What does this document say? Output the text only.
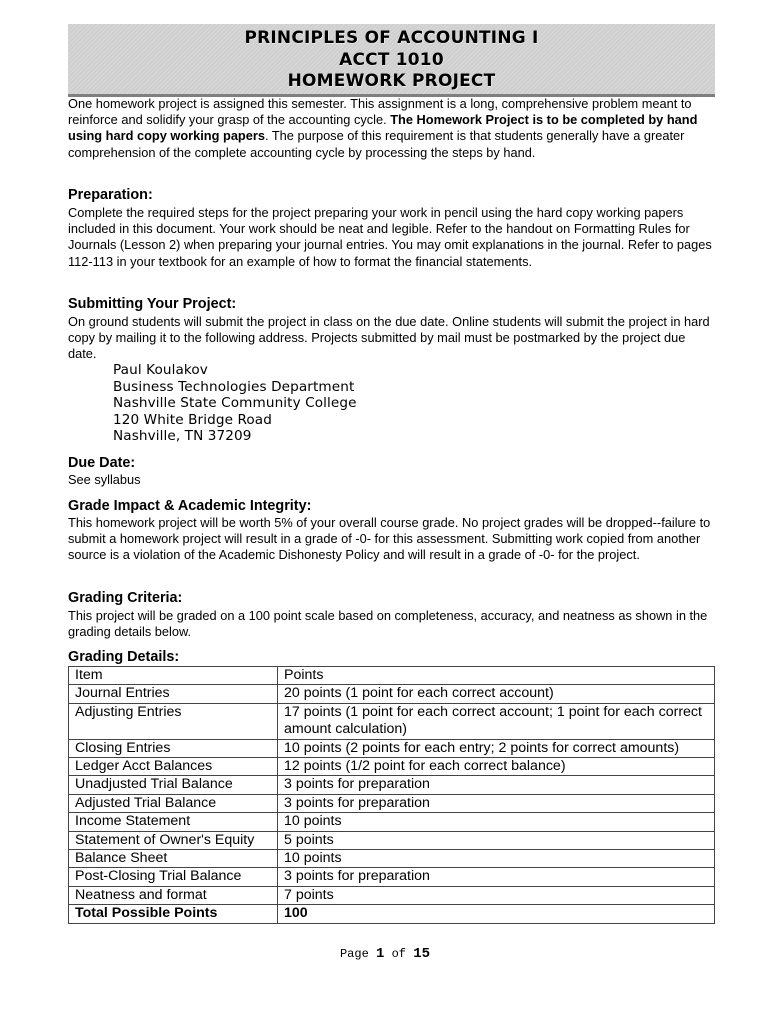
PRINCIPLES OF ACCOUNTING I
ACCT 1010
HOMEWORK PROJECT
One homework project is assigned this semester. This assignment is a long, comprehensive problem meant to reinforce and solidify your grasp of the accounting cycle. The Homework Project is to be completed by hand using hard copy working papers. The purpose of this requirement is that students generally have a greater comprehension of the complete accounting cycle by processing the steps by hand.
Preparation:
Complete the required steps for the project preparing your work in pencil using the hard copy working papers included in this document. Your work should be neat and legible. Refer to the handout on Formatting Rules for Journals (Lesson 2) when preparing your journal entries. You may omit explanations in the journal. Refer to pages 112-113 in your textbook for an example of how to format the financial statements.
Submitting Your Project:
On ground students will submit the project in class on the due date. Online students will submit the project in hard copy by mailing it to the following address. Projects submitted by mail must be postmarked by the project due date.
Paul Koulakov
Business Technologies Department
Nashville State Community College
120 White Bridge Road
Nashville, TN 37209
Due Date:
See syllabus
Grade Impact & Academic Integrity:
This homework project will be worth 5% of your overall course grade. No project grades will be dropped--failure to submit a homework project will result in a grade of -0- for this assessment. Submitting work copied from another source is a violation of the Academic Dishonesty Policy and will result in a grade of -0- for the project.
Grading Criteria:
This project will be graded on a 100 point scale based on completeness, accuracy, and neatness as shown in the grading details below.
Grading Details:
Item	Points
Journal Entries	20 points (1 point for each correct account)
Adjusting Entries	17 points (1 point for each correct account; 1 point for each correct amount calculation)
Closing Entries	10 points (2 points for each entry; 2 points for correct amounts)
Ledger Acct Balances	12 points (1/2 point for each correct balance)
Unadjusted Trial Balance	3 points for preparation
Adjusted Trial Balance	3 points for preparation
Income Statement	10 points
Statement of Owner's Equity	5 points
Balance Sheet	10 points
Post-Closing Trial Balance	3 points for preparation
Neatness and format	7 points
Total Possible Points	100
Page 1 of 15
